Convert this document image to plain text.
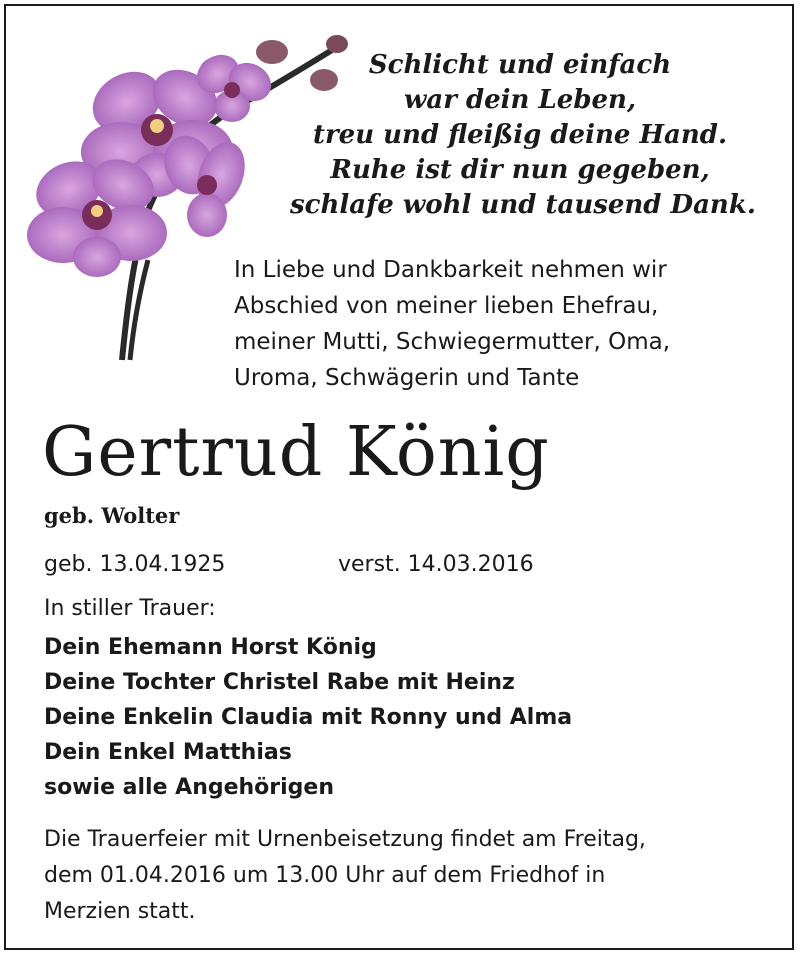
Schlicht und einfach
war dein Leben,
treu und fleißig deine Hand.
Ruhe ist dir nun gegeben,
schlafe wohl und tausend Dank.
In Liebe und Dankbarkeit nehmen wir
Abschied von meiner lieben Ehefrau,
meiner Mutti, Schwiegermutter, Oma,
Uroma, Schwägerin und Tante
Gertrud König
geb. Wolter
geb. 13.04.1925	verst. 14.03.2016
In stiller Trauer:
Dein Ehemann Horst König
Deine Tochter Christel Rabe mit Heinz
Deine Enkelin Claudia mit Ronny und Alma
Dein Enkel Matthias
sowie alle Angehörigen
Die Trauerfeier mit Urnenbeisetzung findet am Freitag,
dem 01.04.2016 um 13.00 Uhr auf dem Friedhof in
Merzien statt.
